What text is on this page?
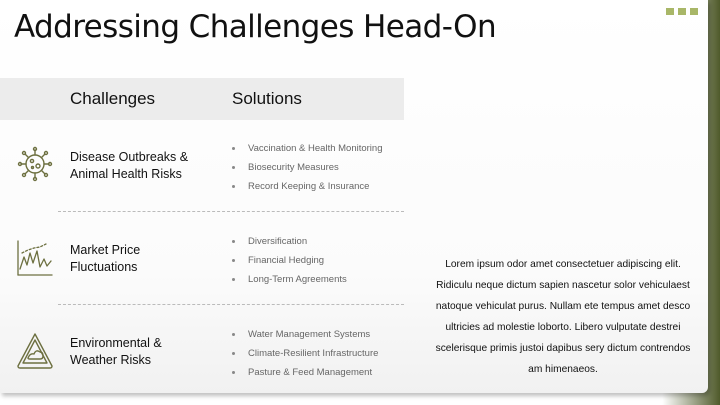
Addressing Challenges Head-On
Challenges	Solutions
Disease Outbreaks &
Animal Health Risks
Vaccination & Health Monitoring
Biosecurity Measures
Record Keeping & Insurance
Market Price
Fluctuations
Diversification
Financial Hedging
Long-Term Agreements
Environmental &
Weather Risks
Water Management Systems
Climate-Resilient Infrastructure
Pasture & Feed Management

Lorem ipsum odor amet consectetuer adipiscing elit. Ridiculu neque dictum sapien nascetur solor vehiculaest natoque vehiculat purus. Nullam ete tempus amet desco ultricies ad molestie loborto. Libero vulputate destrei scelerisque primis justoi dapibus sery dictum contrendos am himenaeos.
